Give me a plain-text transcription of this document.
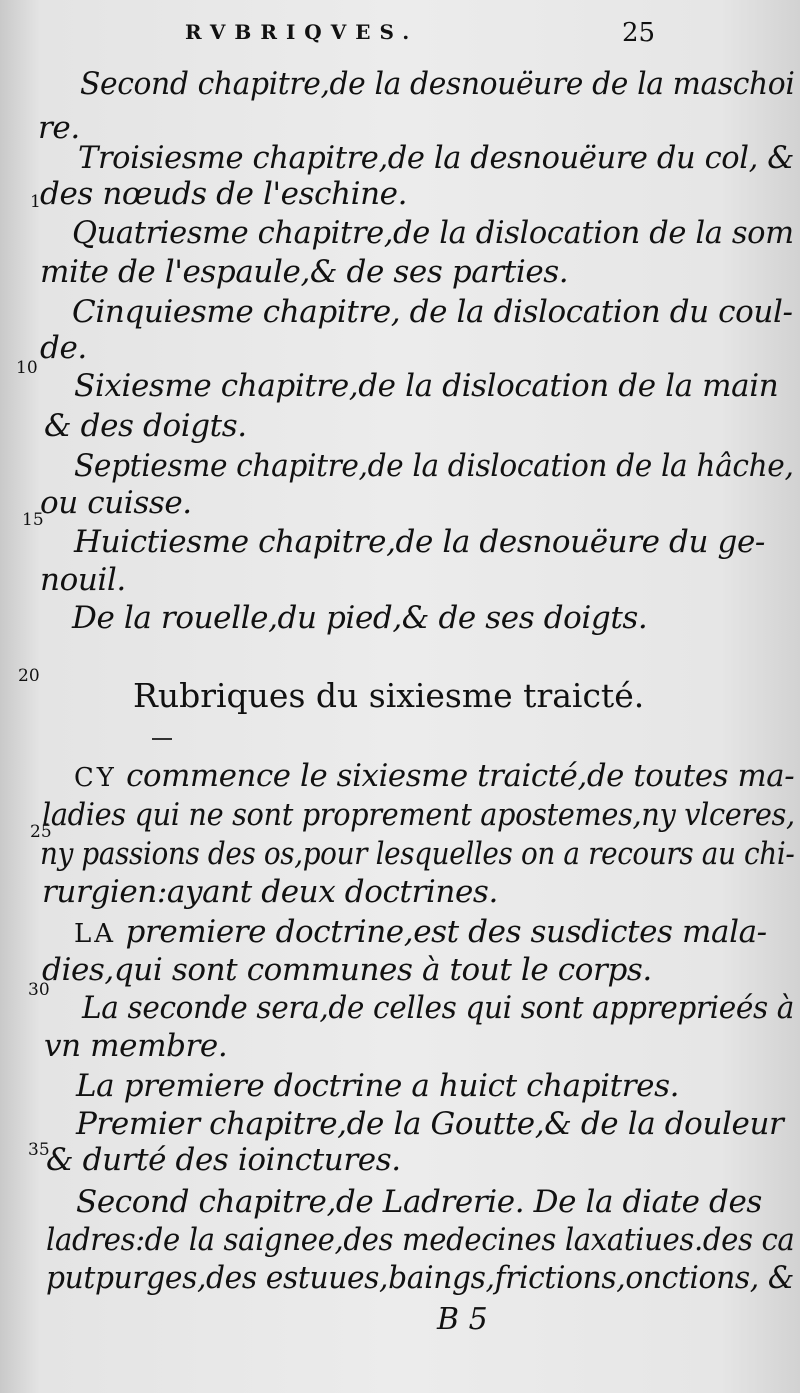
RVBRIQVES.	25
1
10
15
20
25
30
35
Second chapitre,de la desnouëure de la maschoi
re.
Troisiesme chapitre,de la desnouëure du col, &
des nœuds de l'eschine.
Quatriesme chapitre,de la dislocation de la som
mite de l'espaule,& de ses parties.
Cinquiesme chapitre, de la dislocation du coul-
de.
Sixiesme chapitre,de la dislocation de la main
& des doigts.
Septiesme chapitre,de la dislocation de la hâche,
ou cuisse.
Huictiesme chapitre,de la desnouëure du ge-
nouil.
De la rouelle,du pied,& de ses doigts.
Rubriques du sixiesme traicté.
CY commence le sixiesme traicté,de toutes ma-
ladies qui ne sont proprement apostemes,ny vlceres,
ny passions des os,pour lesquelles on a recours au chi-
rurgien:ayant deux doctrines.
LA premiere doctrine,est des susdictes mala-
dies,qui sont communes à tout le corps.
La seconde sera,de celles qui sont appreprieés à
vn membre.
La premiere doctrine a huict chapitres.
Premier chapitre,de la Goutte,& de la douleur
& durté des ioinctures.
Second chapitre,de Ladrerie. De la diate des
ladres:de la saignee,des medecines laxatiues.des ca
putpurges,des estuues,baings,frictions,onctions, &
B 5
